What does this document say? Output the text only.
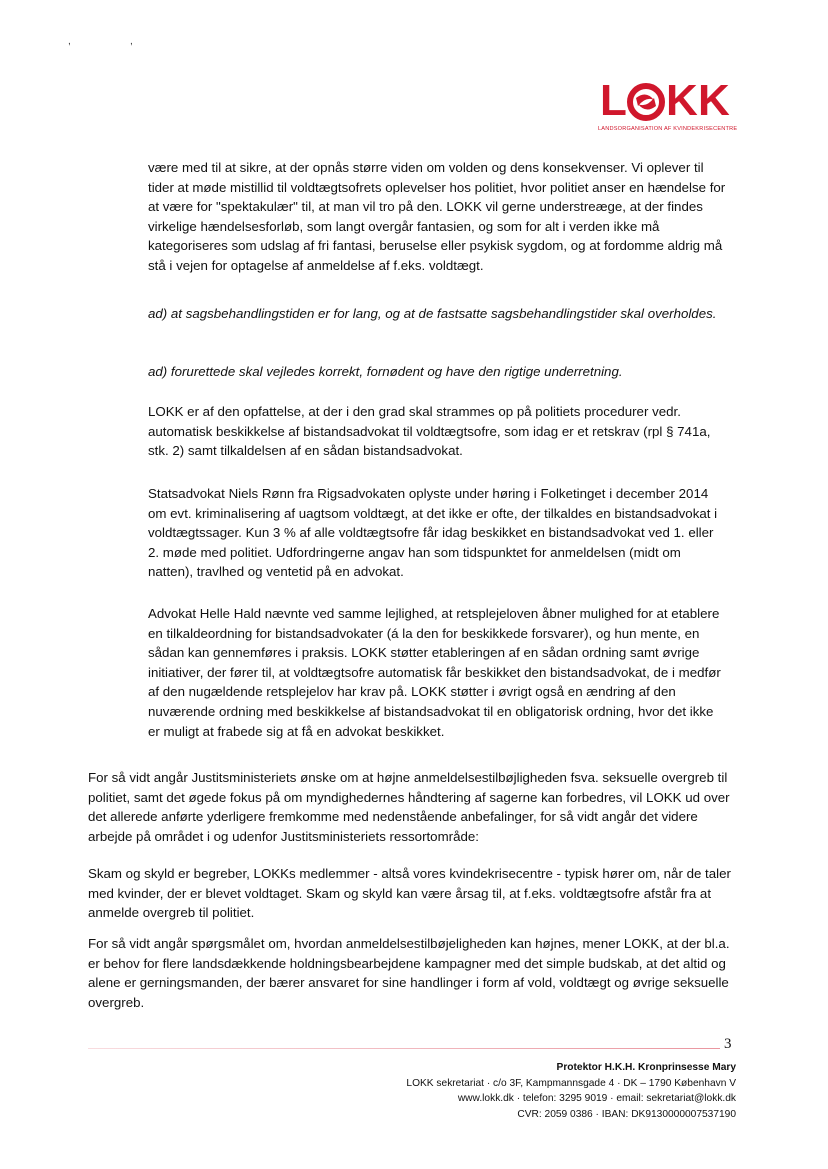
,	,
L K K
LANDSORGANISATION AF KVINDEKRISECENTRE

være med til at sikre, at der opnås større viden om volden og dens konsekvenser. Vi oplever til tider at møde mistillid til voldtægtsofrets oplevelser hos politiet, hvor politiet anser en hændelse for at være for "spektakulær" til, at man vil tro på den. LOKK vil gerne understreæge, at der findes virkelige hændelsesforløb, som langt overgår fantasien, og som for alt i verden ikke må kategoriseres som udslag af fri fantasi, beruselse eller psykisk sygdom, og at fordomme aldrig må stå i vejen for optagelse af anmeldelse af f.eks. voldtægt.

ad) at sagsbehandlingstiden er for lang, og at de fastsatte sagsbehandlingstider skal overholdes.

ad) forurettede skal vejledes korrekt, fornødent og have den rigtige underretning.

LOKK er af den opfattelse, at der i den grad skal strammes op på politiets procedurer vedr. automatisk beskikkelse af bistandsadvokat til voldtægtsofre, som idag er et retskrav (rpl § 741a, stk. 2) samt tilkaldelsen af en sådan bistandsadvokat.

Statsadvokat Niels Rønn fra Rigsadvokaten oplyste under høring i Folketinget i december 2014 om evt. kriminalisering af uagtsom voldtægt, at det ikke er ofte, der tilkaldes en bistandsadvokat i voldtægtssager. Kun 3 % af alle voldtægtsofre får idag beskikket en bistandsadvokat ved 1. eller 2. møde med politiet. Udfordringerne angav han som tidspunktet for anmeldelsen (midt om natten), travlhed og ventetid på en advokat.

Advokat Helle Hald nævnte ved samme lejlighed, at retsplejeloven åbner mulighed for at etablere en tilkaldeordning for bistandsadvokater (á la den for beskikkede forsvarer), og hun mente, en sådan kan gennemføres i praksis. LOKK støtter etableringen af en sådan ordning samt øvrige initiativer, der fører til, at voldtægtsofre automatisk får beskikket den bistandsadvokat, de i medfør af den nugældende retsplejelov har krav på. LOKK støtter i øvrigt også en ændring af den nuværende ordning med beskikkelse af bistandsadvokat til en obligatorisk ordning, hvor det ikke er muligt at frabede sig at få en advokat beskikket.

For så vidt angår Justitsministeriets ønske om at højne anmeldelsestilbøjligheden fsva. seksuelle overgreb til politiet, samt det øgede fokus på om myndighedernes håndtering af sagerne kan forbedres, vil LOKK ud over det allerede anførte yderligere fremkomme med nedenstående anbefalinger, for så vidt angår det videre arbejde på området i og udenfor Justitsministeriets ressortområde:

Skam og skyld er begreber, LOKKs medlemmer - altså vores kvindekrisecentre - typisk hører om, når de taler med kvinder, der er blevet voldtaget. Skam og skyld kan være årsag til, at f.eks. voldtægtsofre afstår fra at anmelde overgreb til politiet.

For så vidt angår spørgsmålet om, hvordan anmeldelsestilbøjeligheden kan højnes, mener LOKK, at der bl.a. er behov for flere landsdækkende holdningsbearbejdene kampagner med det simple budskab, at det altid og alene er gerningsmanden, der bærer ansvaret for sine handlinger i form af vold, voldtægt og øvrige seksuelle overgreb.

3
Protektor H.K.H. Kronprinsesse Mary
LOKK sekretariat · c/o 3F, Kampmannsgade 4 · DK – 1790 København V
www.lokk.dk · telefon: 3295 9019 · email: sekretariat@lokk.dk
CVR: 2059 0386 · IBAN: DK9130000007537190
